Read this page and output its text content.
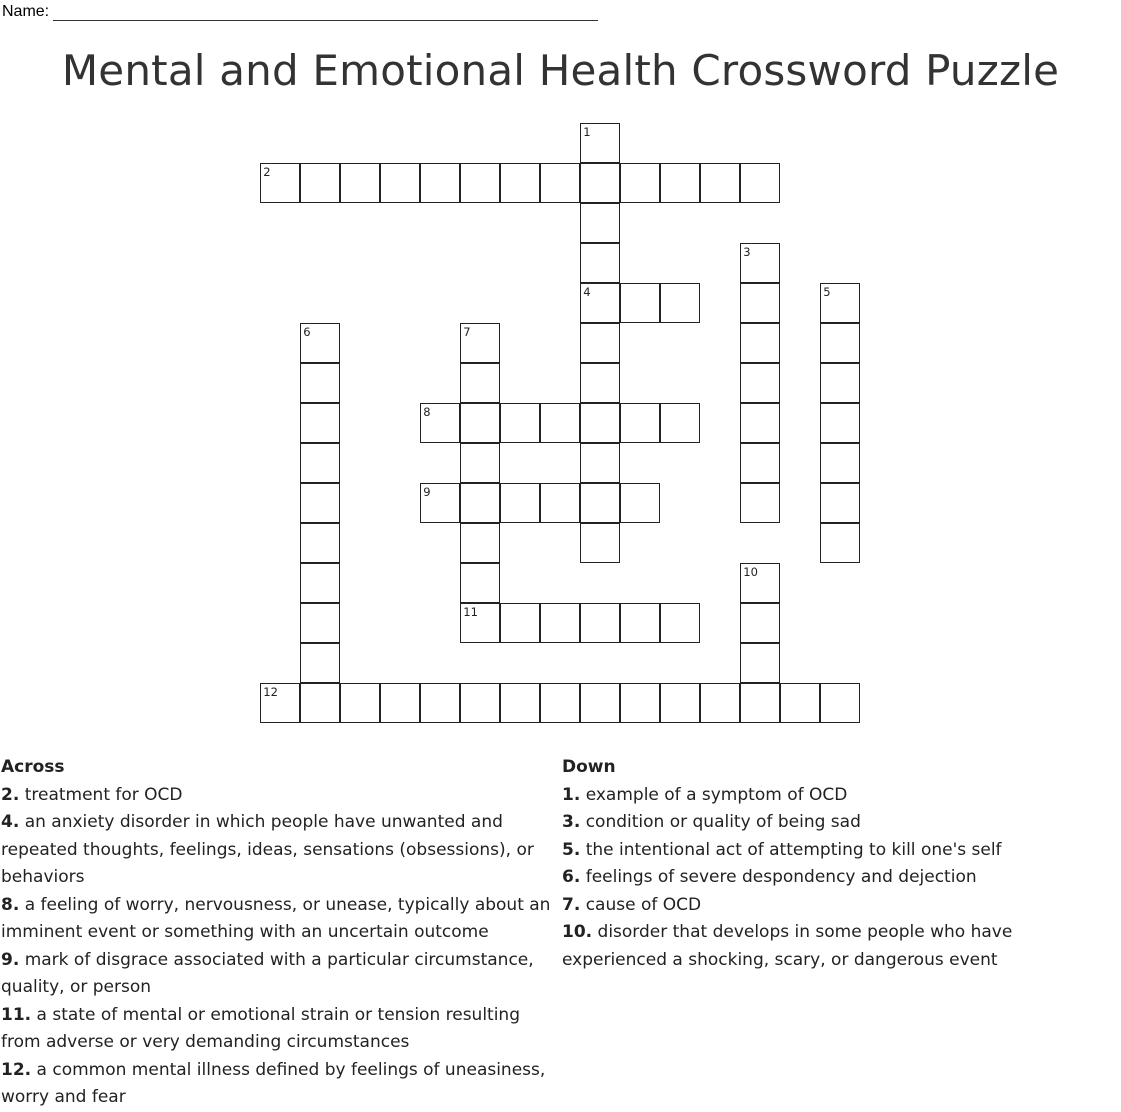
Name:
Mental and Emotional Health Crossword Puzzle
1
2
3
4	5
6	7
8
9
10
11
12
Across
2. treatment for OCD
4. an anxiety disorder in which people have unwanted and repeated thoughts, feelings, ideas, sensations (obsessions), or behaviors
8. a feeling of worry, nervousness, or unease, typically about an imminent event or something with an uncertain outcome
9. mark of disgrace associated with a particular circumstance, quality, or person
11. a state of mental or emotional strain or tension resulting from adverse or very demanding circumstances
12. a common mental illness defined by feelings of uneasiness, worry and fear
Down
1. example of a symptom of OCD
3. condition or quality of being sad
5. the intentional act of attempting to kill one's self
6. feelings of severe despondency and dejection
7. cause of OCD
10. disorder that develops in some people who have experienced a shocking, scary, or dangerous event
